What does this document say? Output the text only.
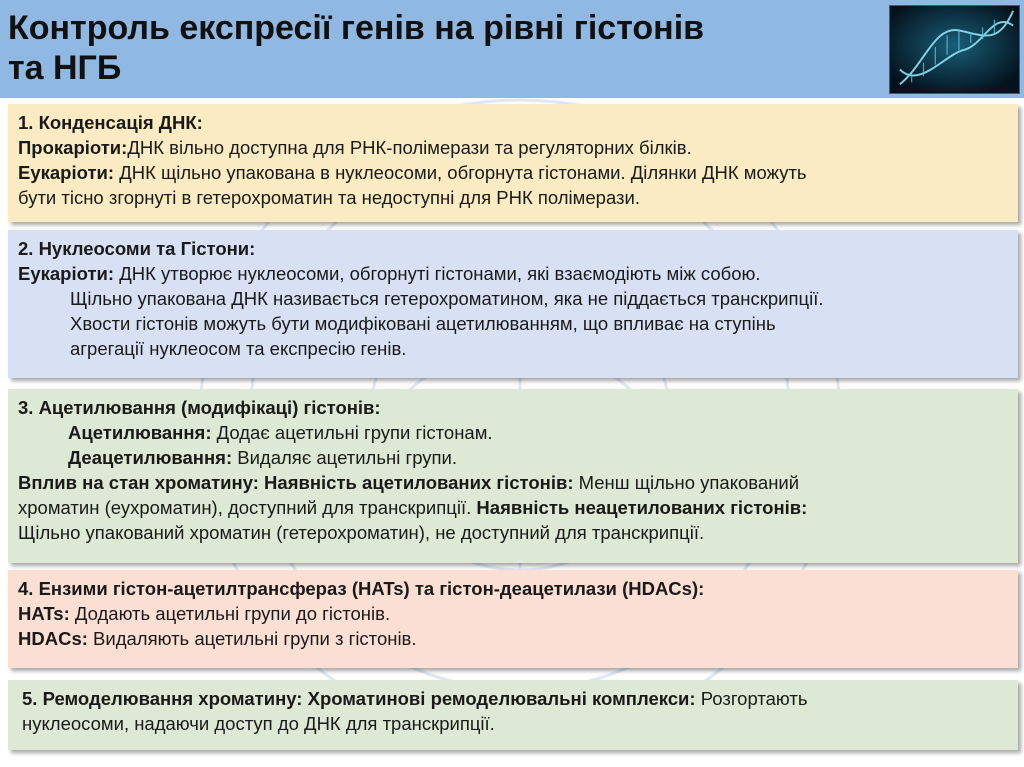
Контроль експресії генів на рівні гістонів
та НГБ
1. Конденсація ДНК:
Прокаріоти:ДНК вільно доступна для РНК-полімерази та регуляторних білків.
Еукаріоти: ДНК щільно упакована в нуклеосоми, обгорнута гістонами. Ділянки ДНК можуть
бути тісно згорнуті в гетерохроматин та недоступні для РНК полімерази.
2. Нуклеосоми та Гістони:
Еукаріоти: ДНК утворює нуклеосоми, обгорнуті гістонами, які взаємодіють між собою.
Щільно упакована ДНК називається гетерохроматином, яка не піддається транскрипції.
Хвости гістонів можуть бути модифіковані ацетилюванням, що впливає на ступінь
агрегації нуклеосом та експресію генів.
3. Ацетилювання (модифікаці) гістонів:
Ацетилювання: Додає ацетильні групи гістонам.
Деацетилювання: Видаляє ацетильні групи.
Вплив на стан хроматину: Наявність ацетилованих гістонів: Менш щільно упакований
хроматин (еухроматин), доступний для транскрипції. Наявність неацетилованих гістонів:
Щільно упакований хроматин (гетерохроматин), не доступний для транскрипції.
4. Ензими гістон-ацетилтрансфераз (HATs) та гістон-деацетилази (HDACs):
HATs: Додають ацетильні групи до гістонів.
HDACs: Видаляють ацетильні групи з гістонів.
5. Ремоделювання хроматину: Хроматинові ремоделювальні комплекси: Розгортають
нуклеосоми, надаючи доступ до ДНК для транскрипції.
